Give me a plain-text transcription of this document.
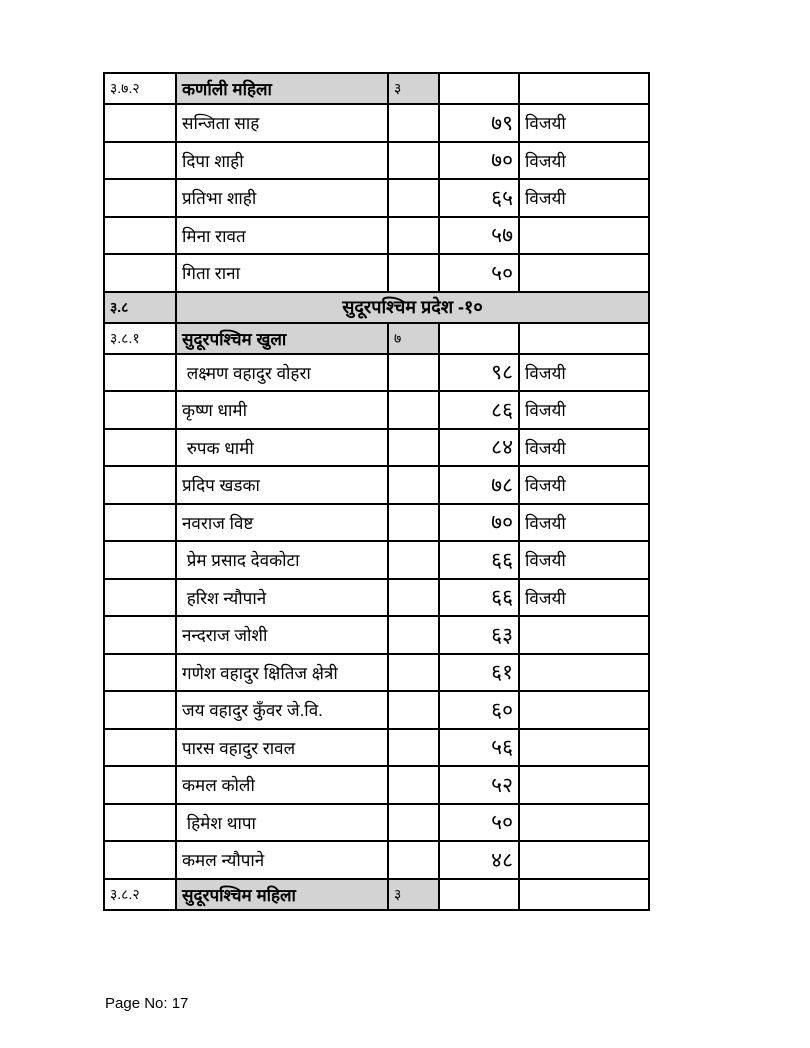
३.७.२	कर्णाली महिला	३		
	सन्जिता साह		७९	विजयी
	दिपा शाही		७०	विजयी
	प्रतिभा शाही		६५	विजयी
	मिना रावत		५७	
	गिता राना		५०	
३.८	सुदूरपश्चिम प्रदेश -१०			
३.८.१	सुदूरपश्चिम खुला	७		
	लक्ष्मण वहादुर वोहरा		९८	विजयी
	कृष्ण धामी		८६	विजयी
	रुपक धामी		८४	विजयी
	प्रदिप खडका		७८	विजयी
	नवराज विष्ट		७०	विजयी
	प्रेम प्रसाद देवकोटा		६६	विजयी
	हरिश न्यौपाने		६६	विजयी
	नन्दराज जोशी		६३	
	गणेश वहादुर क्षितिज क्षेत्री		६१	
	जय वहादुर कुँवर जे.वि.		६०	
	पारस वहादुर रावल		५६	
	कमल कोली		५२	
	हिमेश थापा		५०	
	कमल न्यौपाने		४८	
३.८.२	सुदूरपश्चिम महिला	३		
Page No: 17
